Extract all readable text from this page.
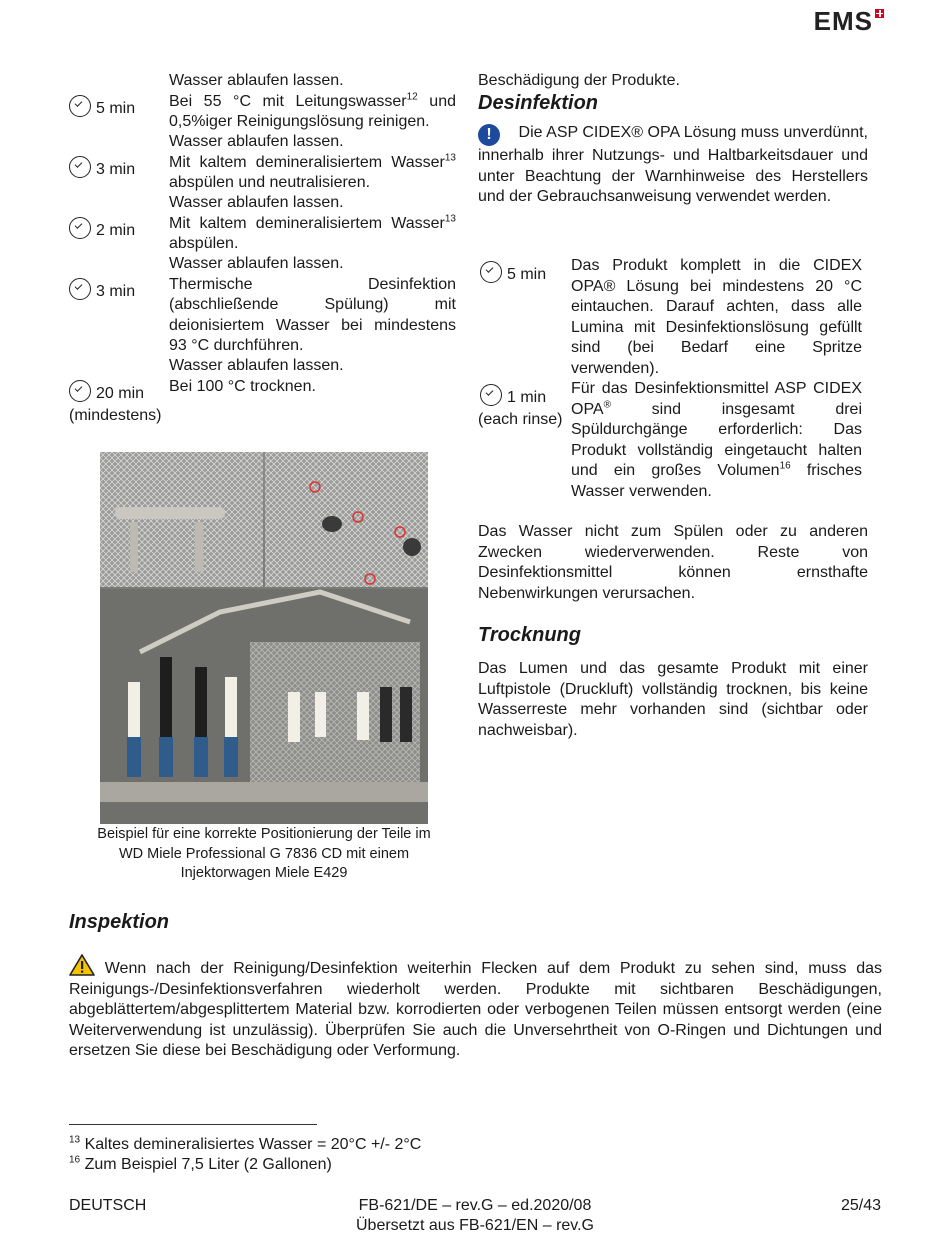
EMS

Wasser ablaufen lassen.

Bei 55 °C mit Leitungswasser$^{12}$ und 0,5%iger Reinigungslösung reinigen.

5 min

Wasser ablaufen lassen.

Mit kaltem demineralisiertem Wasser$^{13}$ abspülen und neutralisieren.

3 min

Wasser ablaufen lassen.

Mit kaltem demineralisiertem Wasser$^{13}$ abspülen.

2 min

Wasser ablaufen lassen.

Thermische Desinfektion (abschließende Spülung) mit deionisiertem Wasser bei mindestens 93 °C durchführen.

3 min

Wasser ablaufen lassen.

Bei 100 °C trocknen.

20 min
(mindestens)
Beschädigung der Produkte.
Desinfektion
! Die ASP CIDEX® OPA Lösung muss unverdünnt, innerhalb ihrer Nutzungs- und Haltbarkeitsdauer und unter Beachtung der Warnhinweise des Herstellers und der Gebrauchsanweisung verwendet werden.
5 min
Das Produkt komplett in die CIDEX OPA® Lösung bei mindestens 20 °C eintauchen. Darauf achten, dass alle Lumina mit Desinfektionslösung gefüllt sind (bei Bedarf eine Spritze verwenden).
1 min
(each rinse)
Für das Desinfektionsmittel ASP CIDEX OPA® sind insgesamt drei Spüldurchgänge erforderlich: Das Produkt vollständig eingetaucht halten und ein großes Volumen$^{16}$ frisches Wasser verwenden.
Das Wasser nicht zum Spülen oder zu anderen Zwecken wiederverwenden. Reste von Desinfektionsmittel können ernsthafte Nebenwirkungen verursachen.
Trocknung
Das Lumen und das gesamte Produkt mit einer Luftpistole (Druckluft) vollständig trocknen, bis keine Wasserreste mehr vorhanden sind (sichtbar oder nachweisbar).
Beispiel für eine korrekte Positionierung der Teile im WD Miele Professional G 7836 CD mit einem Injektorwagen Miele E429
Inspektion
Wenn nach der Reinigung/Desinfektion weiterhin Flecken auf dem Produkt zu sehen sind, muss das Reinigungs-/Desinfektionsverfahren wiederholt werden. Produkte mit sichtbaren Beschädigungen, abgeblättertem/abgesplittertem Material bzw. korrodierten oder verbogenen Teilen müssen entsorgt werden (eine Weiterverwendung ist unzulässig). Überprüfen Sie auch die Unversehrtheit von O-Ringen und Dichtungen und ersetzen Sie diese bei Beschädigung oder Verformung.
$^{13}$ Kaltes demineralisiertes Wasser = 20°C +/- 2°C
$^{16}$ Zum Beispiel 7,5 Liter (2 Gallonen)
DEUTSCH	FB-621/DE – rev.G – ed.2020/08
Übersetzt aus FB-621/EN – rev.G
25/43
